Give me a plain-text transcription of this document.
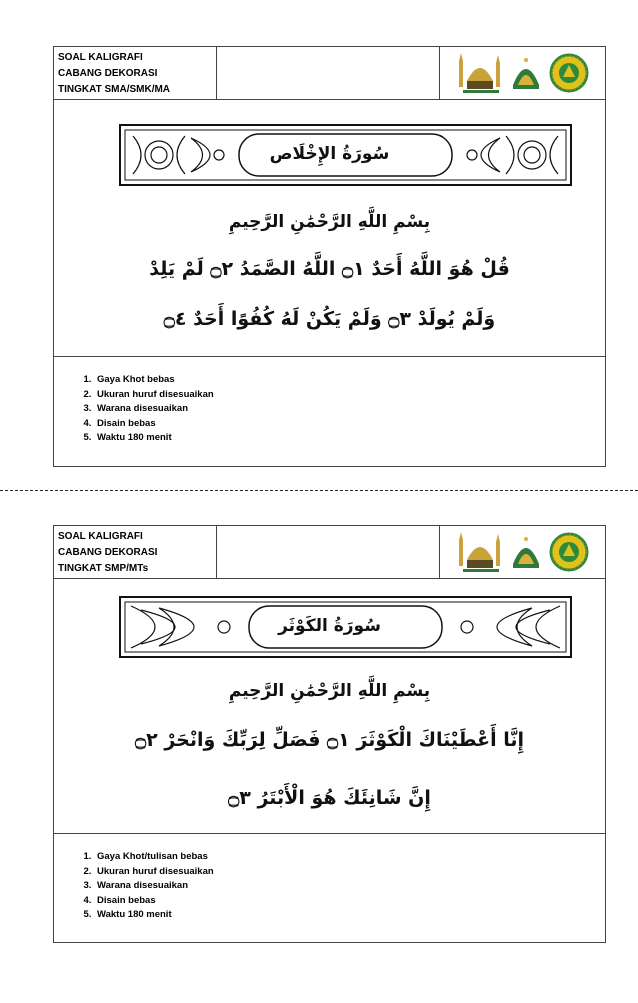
SOAL KALIGRAFI
CABANG DEKORASI
TINGKAT SMA/SMK/MA
سُورَةُ الإِخْلَاص
بِسْمِ اللَّهِ الرَّحْمَٰنِ الرَّحِيمِ
قُلْ هُوَ اللَّهُ أَحَدٌ ۝١ اللَّهُ الصَّمَدُ ۝٢ لَمْ يَلِدْ
وَلَمْ يُولَدْ ۝٣ وَلَمْ يَكُنْ لَهُ كُفُوًا أَحَدٌ ۝٤
1. Gaya Khot bebas
2. Ukuran huruf disesuaikan
3. Warana disesuaikan
4. Disain bebas
5. Waktu 180 menit
SOAL KALIGRAFI
CABANG DEKORASI
TINGKAT SMP/MTs
سُورَةُ الكَوْثَر
بِسْمِ اللَّهِ الرَّحْمَٰنِ الرَّحِيمِ
إِنَّا أَعْطَيْنَاكَ الْكَوْثَرَ ۝١ فَصَلِّ لِرَبِّكَ وَانْحَرْ ۝٢
إِنَّ شَانِئَكَ هُوَ الْأَبْتَرُ ۝٣
1. Gaya Khot/tulisan bebas
2. Ukuran huruf disesuaikan
3. Warana disesuaikan
4. Disain bebas
5. Waktu 180 menit
